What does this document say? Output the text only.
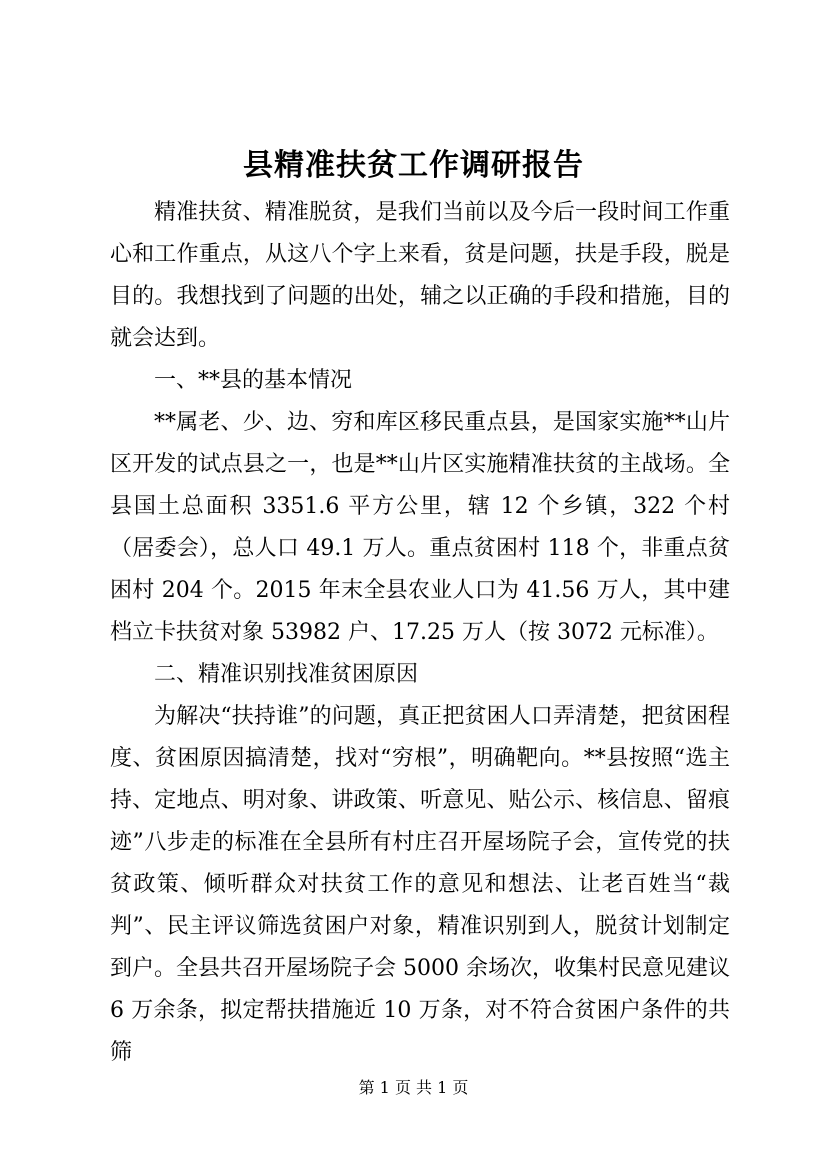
县精准扶贫工作调研报告

精准扶贫、精准脱贫，是我们当前以及今后一段时间工作重心和工作重点，从这八个字上来看，贫是问题，扶是手段，脱是目的。我想找到了问题的出处，辅之以正确的手段和措施，目的就会达到。

一、**县的基本情况

**属老、少、边、穷和库区移民重点县，是国家实施**山片区开发的试点县之一，也是**山片区实施精准扶贫的主战场。全县国土总面积 3351.6 平方公里，辖 12 个乡镇，322 个村（居委会），总人口 49.1 万人。重点贫困村 118 个，非重点贫困村 204 个。2015 年末全县农业人口为 41.56 万人，其中建档立卡扶贫对象 53982 户、17.25 万人（按 3072 元标准）。

二、精准识别找准贫困原因

为解决“扶持谁”的问题，真正把贫困人口弄清楚，把贫困程度、贫困原因搞清楚，找对“穷根”，明确靶向。**县按照“选主持、定地点、明对象、讲政策、听意见、贴公示、核信息、留痕迹”八步走的标准在全县所有村庄召开屋场院子会，宣传党的扶贫政策、倾听群众对扶贫工作的意见和想法、让老百姓当“裁判”、民主评议筛选贫困户对象，精准识别到人，脱贫计划制定到户。全县共召开屋场院子会 5000 余场次，收集村民意见建议 6 万余条，拟定帮扶措施近 10 万条，对不符合贫困户条件的共筛

第 1 页 共 1 页
